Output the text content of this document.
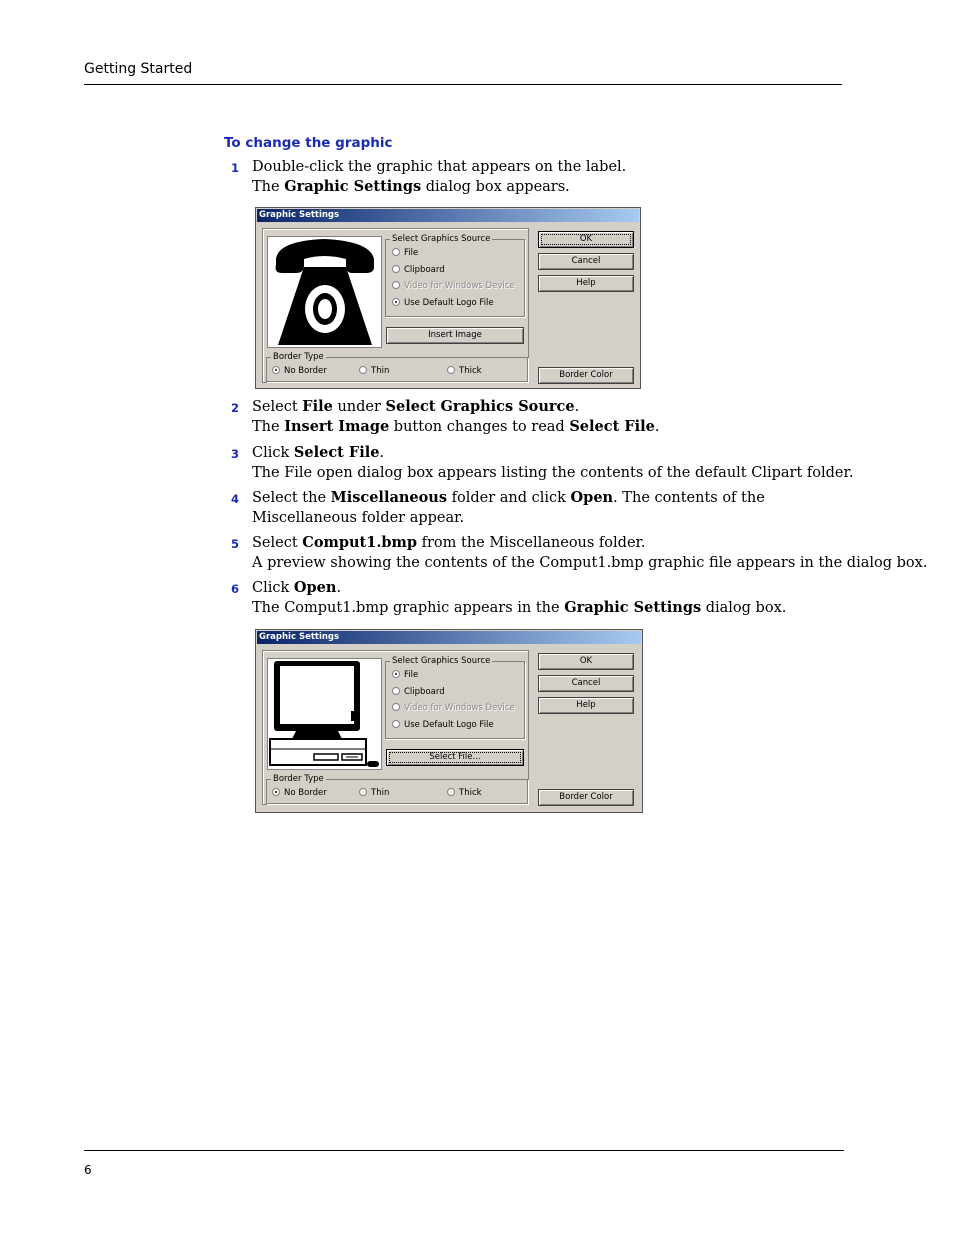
Getting Started
To change the graphic
1 Double-click the graphic that appears on the label.
The Graphic Settings dialog box appears.
Graphic Settings
Select Graphics Source
File
Clipboard
Video for Windows Device
Use Default Logo File
Insert Image
Border Type
No Border	Thin	Thick
OK
Cancel
Help
Border Color
2 Select File under Select Graphics Source.
The Insert Image button changes to read Select File.
3 Click Select File.
The File open dialog box appears listing the contents of the default Clipart folder.
4 Select the Miscellaneous folder and click Open. The contents of the Miscellaneous folder appear.
5 Select Comput1.bmp from the Miscellaneous folder.
A preview showing the contents of the Comput1.bmp graphic file appears in the dialog box.
6 Click Open.
The Comput1.bmp graphic appears in the Graphic Settings dialog box.
Graphic Settings
Select Graphics Source
File
Clipboard
Video for Windows Device
Use Default Logo File
Select File...
Border Type
No Border	Thin	Thick
OK
Cancel
Help
Border Color
6
